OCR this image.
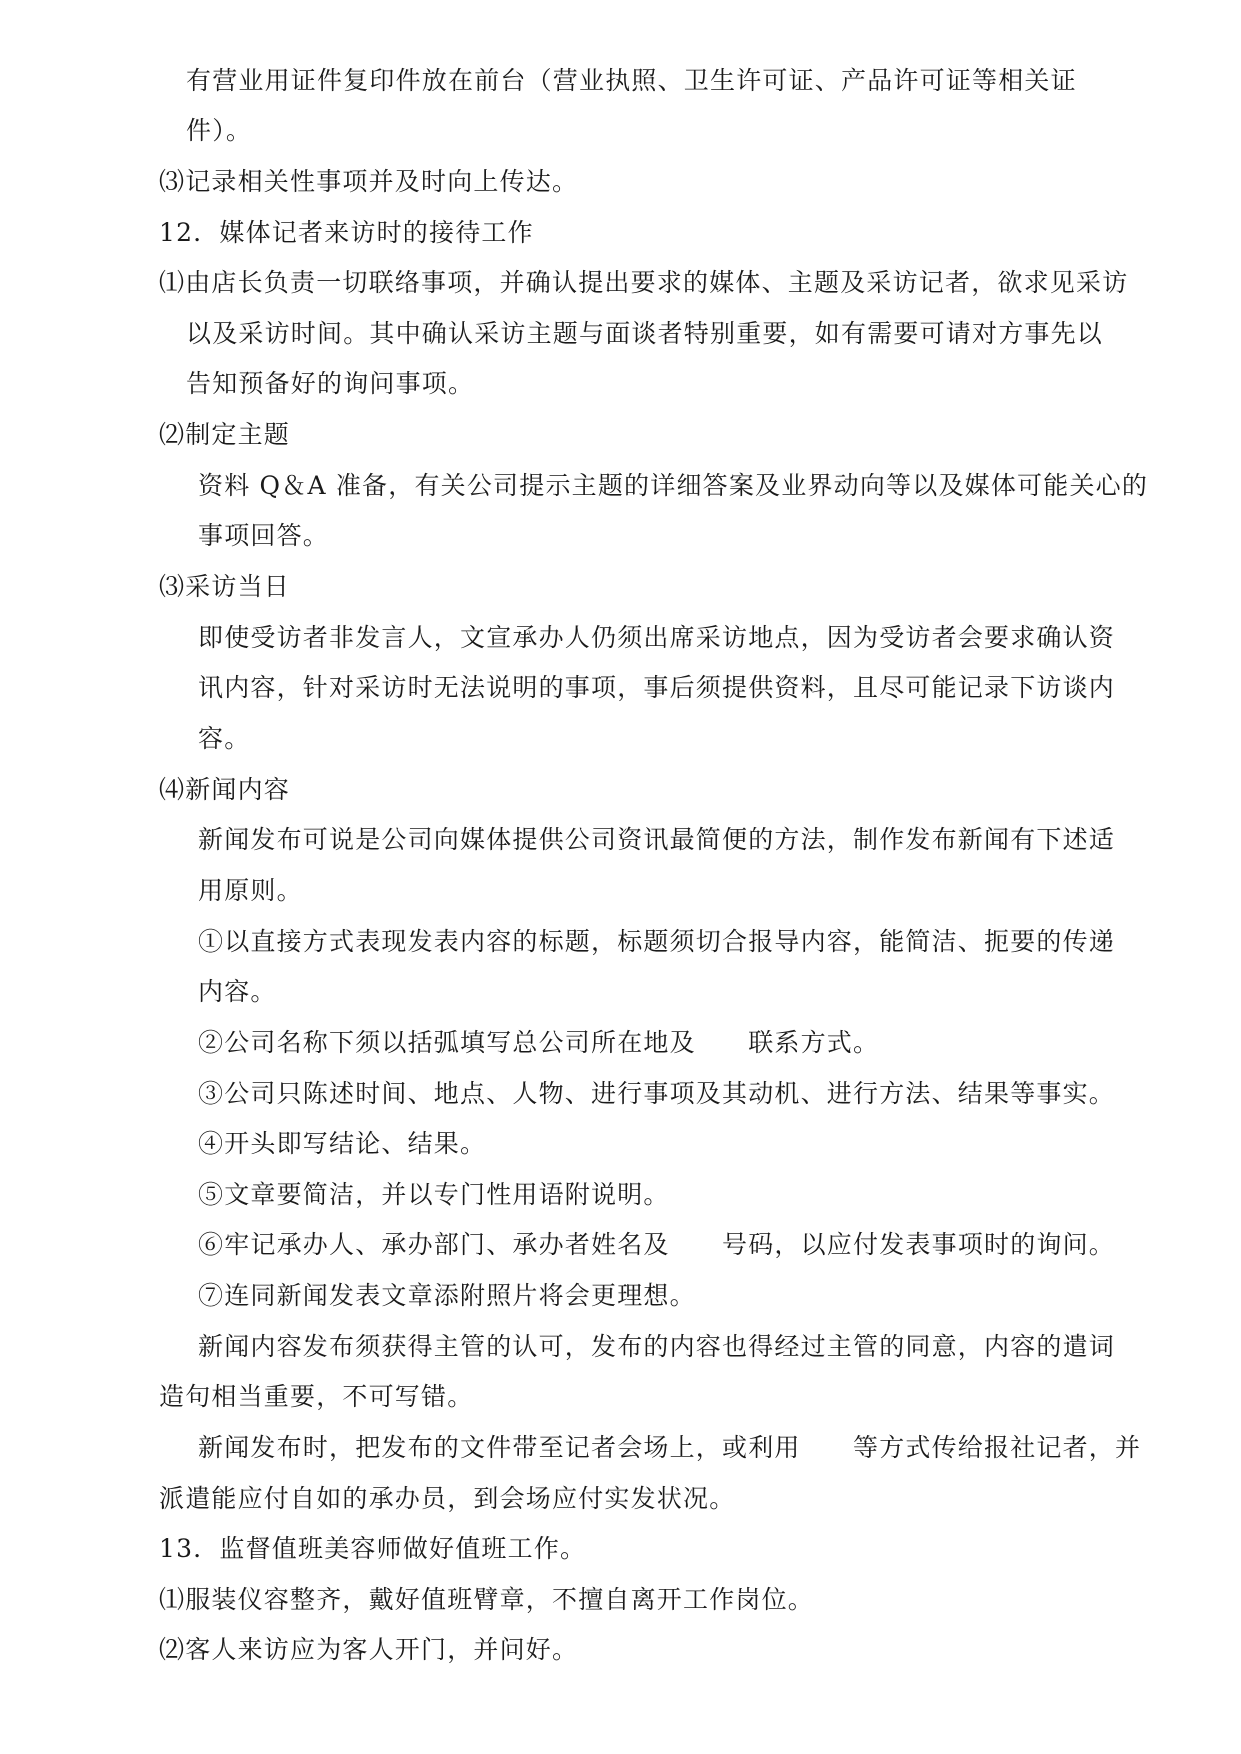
有营业用证件复印件放在前台（营业执照、卫生许可证、产品许可证等相关证
件）。
⑶记录相关性事项并及时向上传达。
12．媒体记者来访时的接待工作
⑴由店长负责一切联络事项，并确认提出要求的媒体、主题及采访记者，欲求见采访
以及采访时间。其中确认采访主题与面谈者特别重要，如有需要可请对方事先以
告知预备好的询问事项。
⑵制定主题
资料 Q＆A 准备，有关公司提示主题的详细答案及业界动向等以及媒体可能关心的
事项回答。
⑶采访当日
即使受访者非发言人，文宣承办人仍须出席采访地点，因为受访者会要求确认资
讯内容，针对采访时无法说明的事项，事后须提供资料，且尽可能记录下访谈内
容。
⑷新闻内容
新闻发布可说是公司向媒体提供公司资讯最简便的方法，制作发布新闻有下述适
用原则。
①以直接方式表现发表内容的标题，标题须切合报导内容，能简洁、扼要的传递
内容。
②公司名称下须以括弧填写总公司所在地及　　联系方式。
③公司只陈述时间、地点、人物、进行事项及其动机、进行方法、结果等事实。
④开头即写结论、结果。
⑤文章要简洁，并以专门性用语附说明。
⑥牢记承办人、承办部门、承办者姓名及　　号码，以应付发表事项时的询问。
⑦连同新闻发表文章添附照片将会更理想。
新闻内容发布须获得主管的认可，发布的内容也得经过主管的同意，内容的遣词
造句相当重要，不可写错。
新闻发布时，把发布的文件带至记者会场上，或利用　　等方式传给报社记者，并
派遣能应付自如的承办员，到会场应付实发状况。
13．监督值班美容师做好值班工作。
⑴服装仪容整齐，戴好值班臂章，不擅自离开工作岗位。
⑵客人来访应为客人开门，并问好。
